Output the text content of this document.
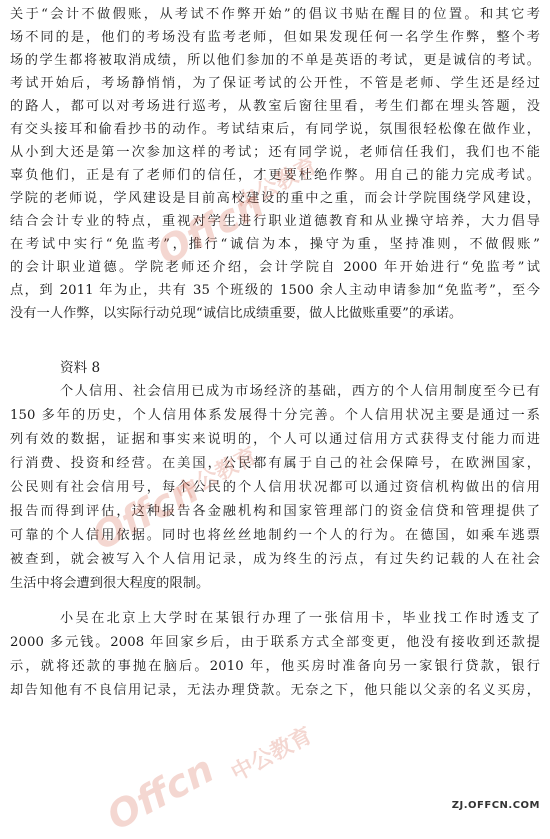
关于“会计不做假账，从考试不作弊开始”的倡议书贴在醒目的位置。和其它考
场不同的是，他们的考场没有监考老师，但如果发现任何一名学生作弊，整个考
场的学生都将被取消成绩，所以他们参加的不单是英语的考试，更是诚信的考试。
考试开始后，考场静悄悄，为了保证考试的公开性，不管是老师、学生还是经过
的路人，都可以对考场进行巡考，从教室后窗往里看，考生们都在埋头答题，没
有交头接耳和偷看抄书的动作。考试结束后，有同学说，氛围很轻松像在做作业，
从小到大还是第一次参加这样的考试；还有同学说，老师信任我们，我们也不能
辜负他们，正是有了老师们的信任，才更要杜绝作弊。用自己的能力完成考试。
学院的老师说，学风建设是目前高校建设的重中之重，而会计学院围绕学风建设，
结合会计专业的特点，重视对学生进行职业道德教育和从业操守培养，大力倡导
在考试中实行“免监考”，推行“诚信为本，操守为重，坚持准则，不做假账”
的会计职业道德。学院老师还介绍，会计学院自 2000 年开始进行“免监考”试
点，到 2011 年为止，共有 35 个班级的 1500 余人主动申请参加“免监考”，至今
没有一人作弊，以实际行动兑现“诚信比成绩重要，做人比做账重要”的承诺。
资料 8
个人信用、社会信用已成为市场经济的基础，西方的个人信用制度至今已有
150 多年的历史，个人信用体系发展得十分完善。个人信用状况主要是通过一系
列有效的数据，证据和事实来说明的，个人可以通过信用方式获得支付能力而进
行消费、投资和经营。在美国，公民都有属于自己的社会保障号，在欧洲国家，
公民则有社会信用号，每个公民的个人信用状况都可以通过资信机构做出的信用
报告而得到评估，这种报告各金融机构和国家管理部门的资金信贷和管理提供了
可靠的个人信用依据。同时也将丝丝地制约一个人的行为。在德国，如乘车逃票
被查到，就会被写入个人信用记录，成为终生的污点，有过失约记载的人在社会
生活中将会遭到很大程度的限制。
小吴在北京上大学时在某银行办理了一张信用卡，毕业找工作时透支了
2000 多元钱。2008 年回家乡后，由于联系方式全部变更，他没有接收到还款提
示，就将还款的事抛在脑后。2010 年，他买房时准备向另一家银行贷款，银行
却告知他有不良信用记录，无法办理贷款。无奈之下，他只能以父亲的名义买房，
Offcn
中公教育
Offcn
中公教育
Offcn 中公教育
ZJ.OFFCN.COM
